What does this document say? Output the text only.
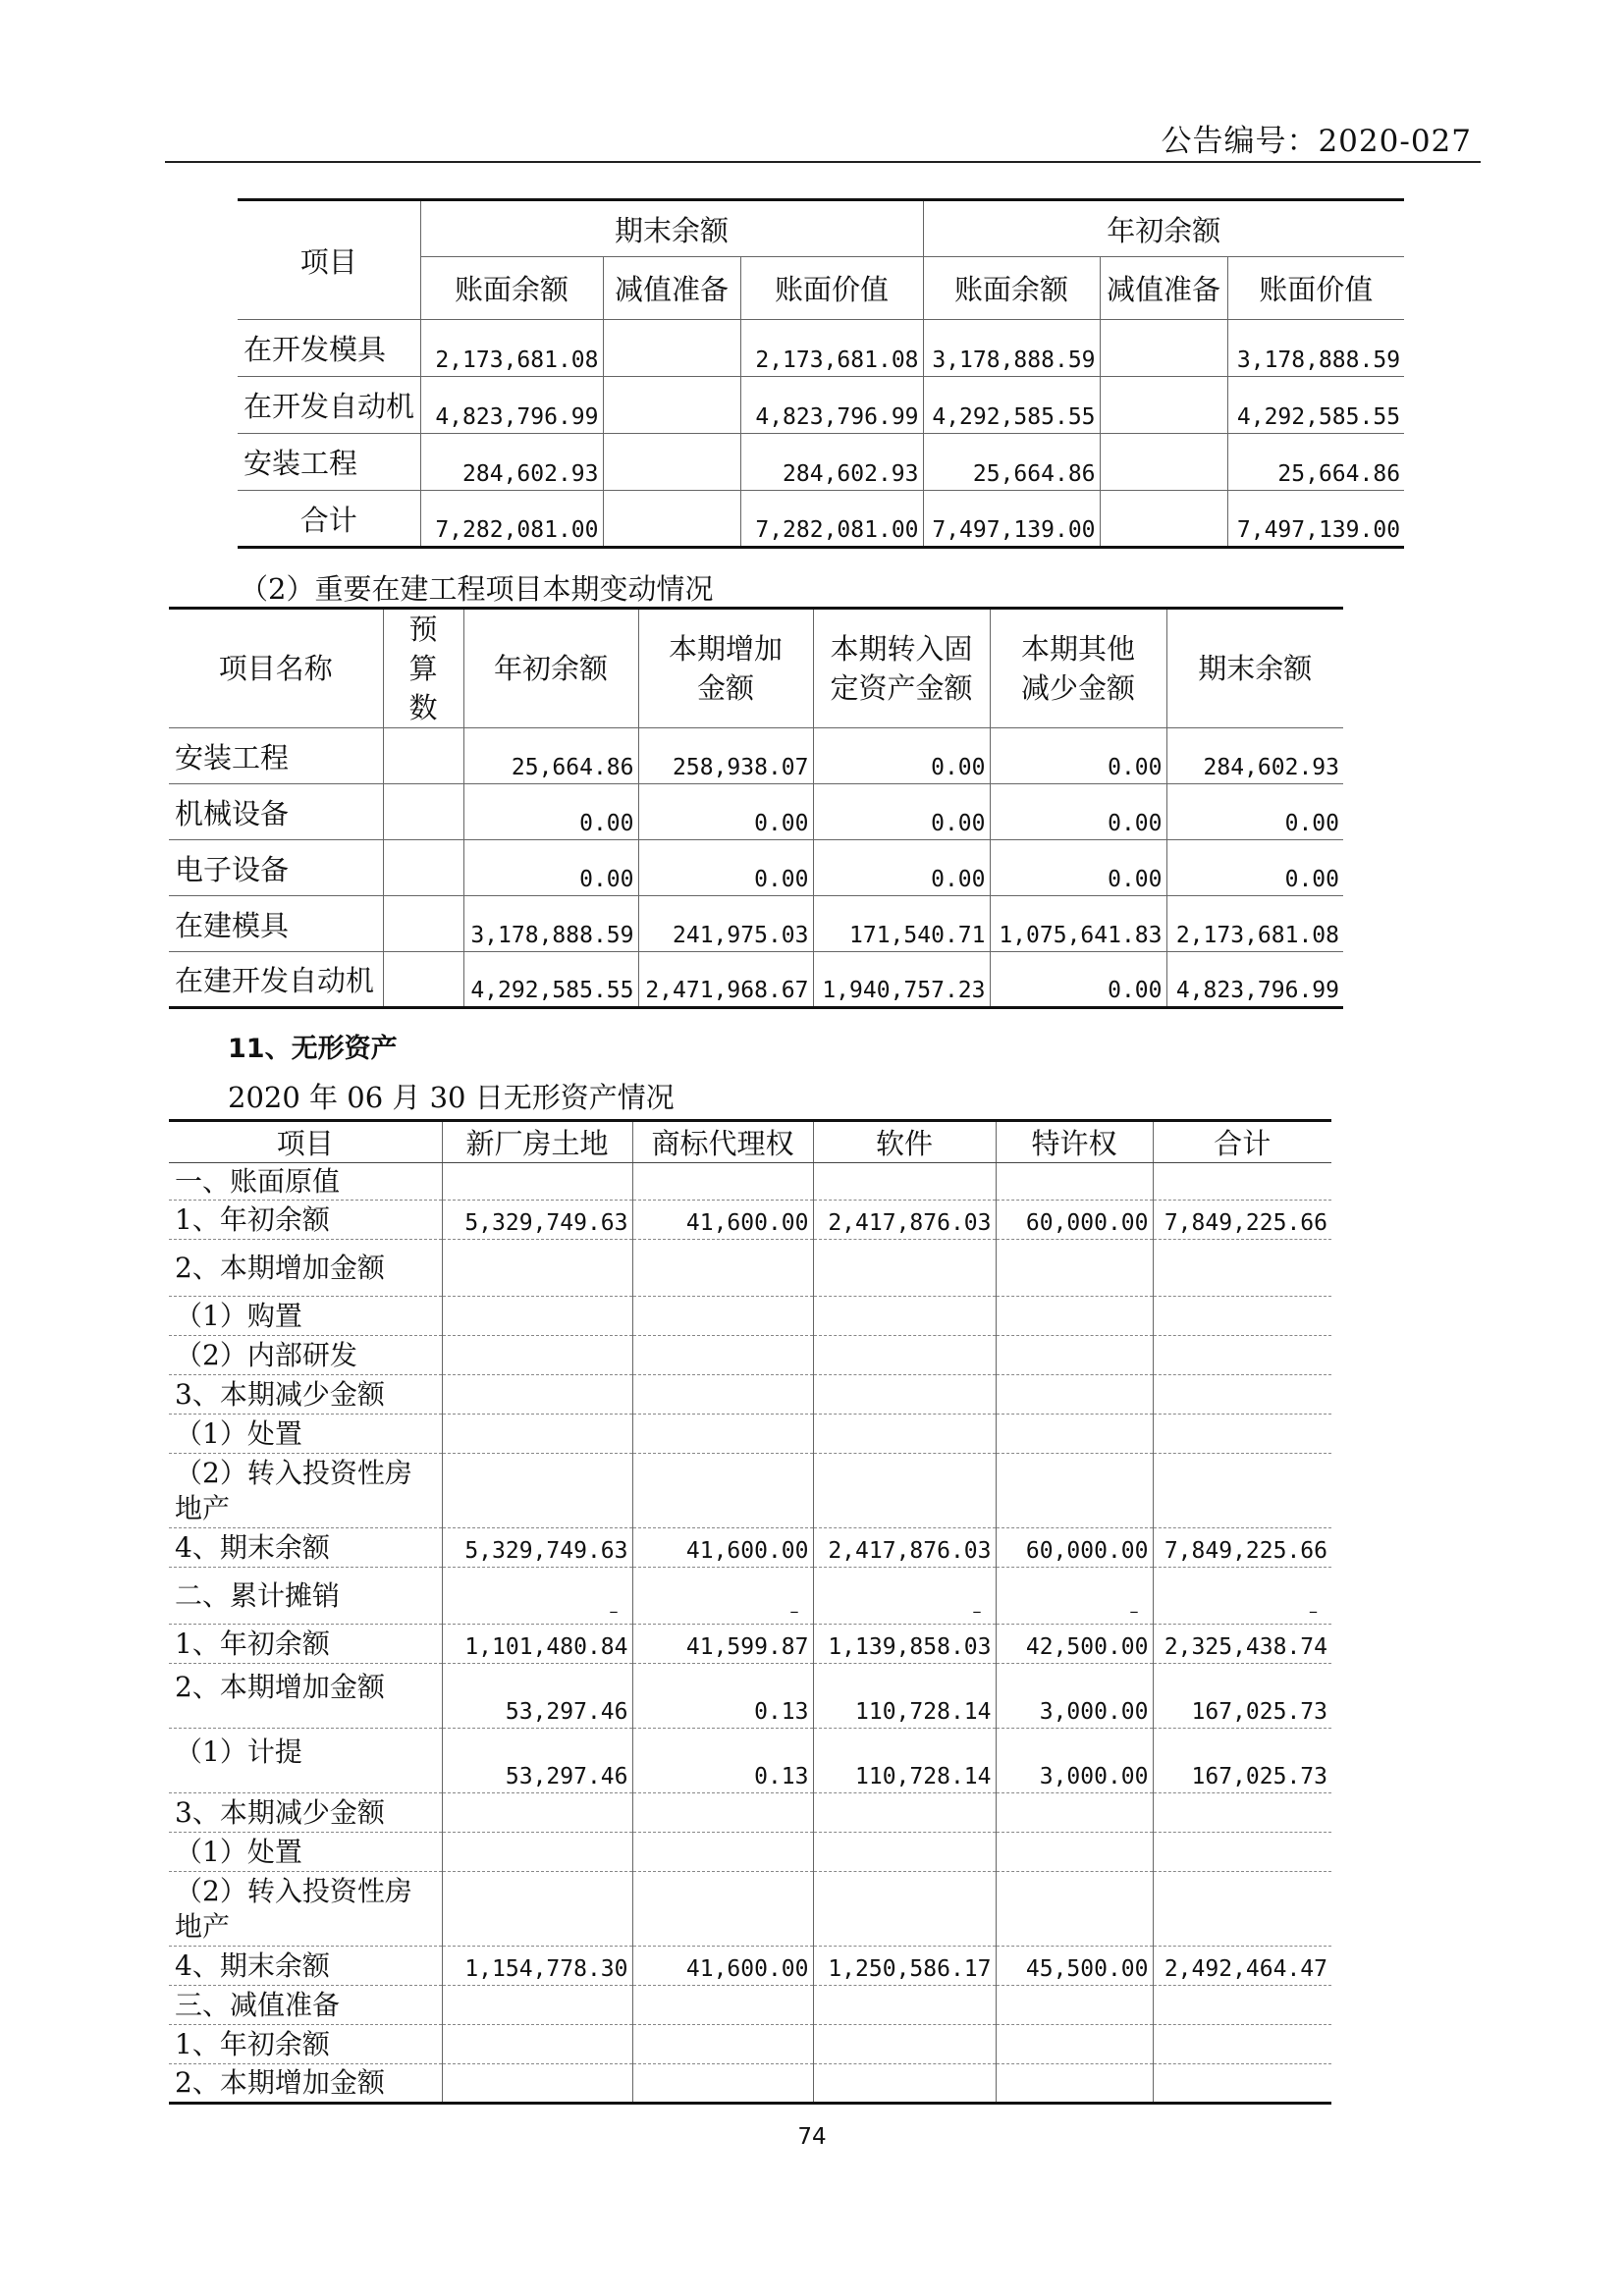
公告编号：2020-027
项目	期末余额			年初余额		
	账面余额	减值准备	账面价值	账面余额	减值准备	账面价值
在开发模具	2,173,681.08		2,173,681.08	3,178,888.59		3,178,888.59
在开发自动机	4,823,796.99		4,823,796.99	4,292,585.55		4,292,585.55
安装工程	284,602.93		284,602.93	25,664.86		25,664.86
合计	7,282,081.00		7,282,081.00	7,497,139.00		7,497,139.00
（2）重要在建工程项目本期变动情况
项目名称	预算数	年初余额	本期增加金额	本期转入固定资产金额	本期其他减少金额	期末余额
安装工程		25,664.86	258,938.07	0.00	0.00	284,602.93
机械设备		0.00	0.00	0.00	0.00	0.00
电子设备		0.00	0.00	0.00	0.00	0.00
在建模具		3,178,888.59	241,975.03	171,540.71	1,075,641.83	2,173,681.08
在建开发自动机		4,292,585.55	2,471,968.67	1,940,757.23	0.00	4,823,796.99
11、无形资产
2020 年 06 月 30 日无形资产情况
项目	新厂房土地	商标代理权	软件	特许权	合计
一、账面原值					
1、年初余额	5,329,749.63	41,600.00	2,417,876.03	60,000.00	7,849,225.66
2、本期增加金额					
（1）购置					
（2）内部研发					
3、本期减少金额					
（1）处置					
（2）转入投资性房地产					
4、期末余额	5,329,749.63	41,600.00	2,417,876.03	60,000.00	7,849,225.66
二、累计摊销	–	–	–	–	–
1、年初余额	1,101,480.84	41,599.87	1,139,858.03	42,500.00	2,325,438.74
2、本期增加金额	53,297.46	0.13	110,728.14	3,000.00	167,025.73
（1）计提	53,297.46	0.13	110,728.14	3,000.00	167,025.73
3、本期减少金额					
（1）处置					
（2）转入投资性房地产					
4、期末余额	1,154,778.30	41,600.00	1,250,586.17	45,500.00	2,492,464.47
三、减值准备					
1、年初余额					
2、本期增加金额					
74
